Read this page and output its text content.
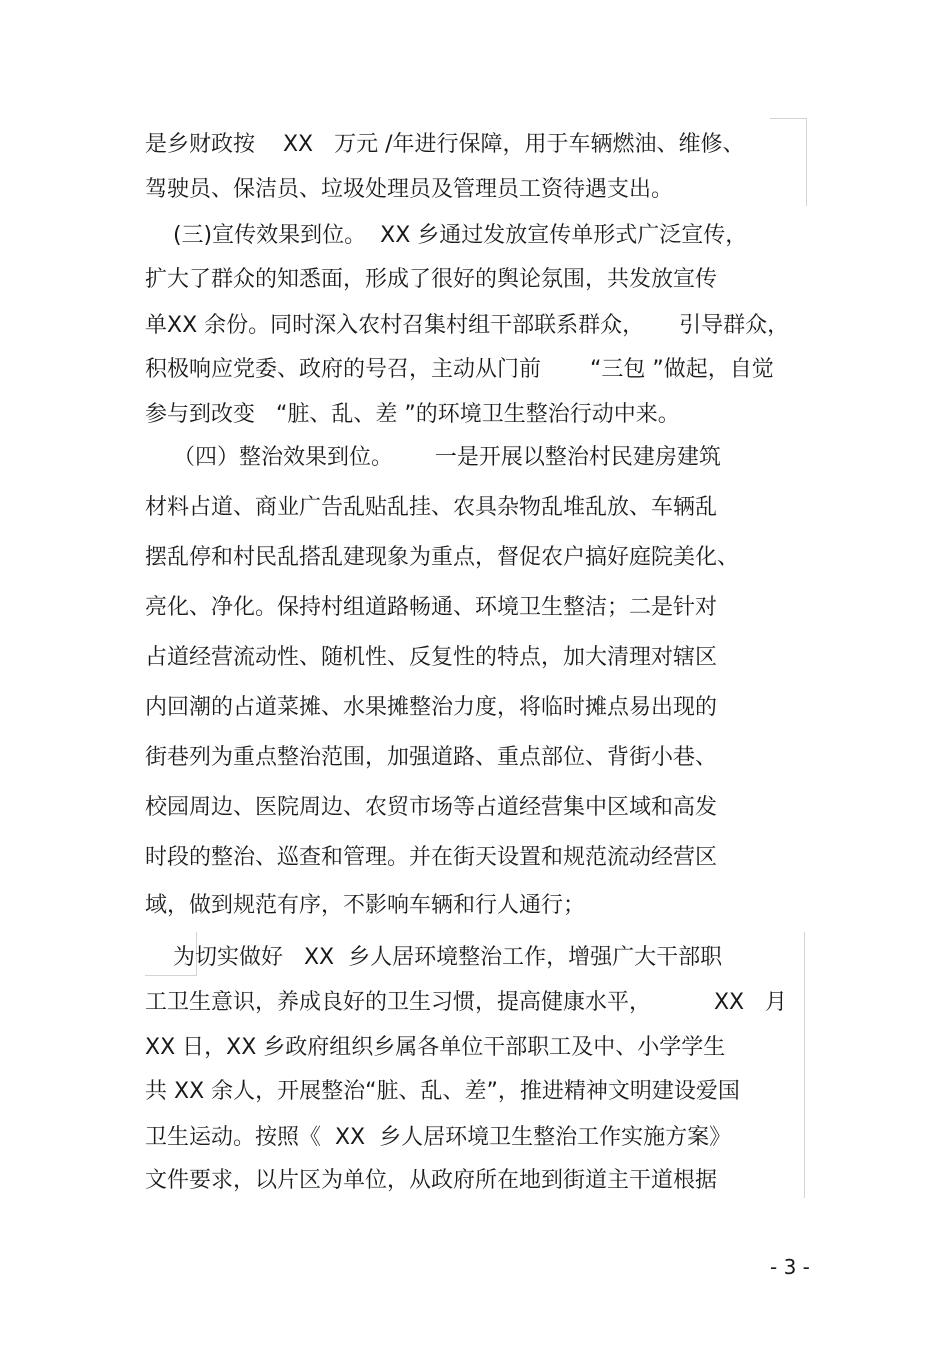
是乡财政按    XX   万元 /年进行保障，用于车辆燃油、维修、

驾驶员、保洁员、垃圾处理员及管理员工资待遇支出。

(三)宣传效果到位。  XX 乡通过发放宣传单形式广泛宣传，

扩大了群众的知悉面，形成了很好的舆论氛围，共发放宣传

单XX 余份。同时深入农村召集村组干部联系群众，     引导群众，

积极响应党委、政府的号召，主动从门前       “三包 ”做起，自觉

参与到改变   “脏、乱、差 ”的环境卫生整治行动中来。

（四）整治效果到位。      一是开展以整治村民建房建筑

材料占道、商业广告乱贴乱挂、农具杂物乱堆乱放、车辆乱

摆乱停和村民乱搭乱建现象为重点，督促农户搞好庭院美化、

亮化、净化。保持村组道路畅通、环境卫生整洁；二是针对

占道经营流动性、随机性、反复性的特点，加大清理对辖区

内回潮的占道菜摊、水果摊整治力度，将临时摊点易出现的

街巷列为重点整治范围，加强道路、重点部位、背街小巷、

校园周边、医院周边、农贸市场等占道经营集中区域和高发

时段的整治、巡查和管理。并在街天设置和规范流动经营区

域，做到规范有序，不影响车辆和行人通行；

为切实做好   XX  乡人居环境整治工作，增强广大干部职

工卫生意识，养成良好的卫生习惯，提高健康水平，         XX   月

XX 日，XX 乡政府组织乡属各单位干部职工及中、小学学生

共 XX 余人，开展整治“脏、乱、差”，推进精神文明建设爱国

卫生运动。按照《  XX  乡人居环境卫生整治工作实施方案》

文件要求，以片区为单位，从政府所在地到街道主干道根据

- 3 -
